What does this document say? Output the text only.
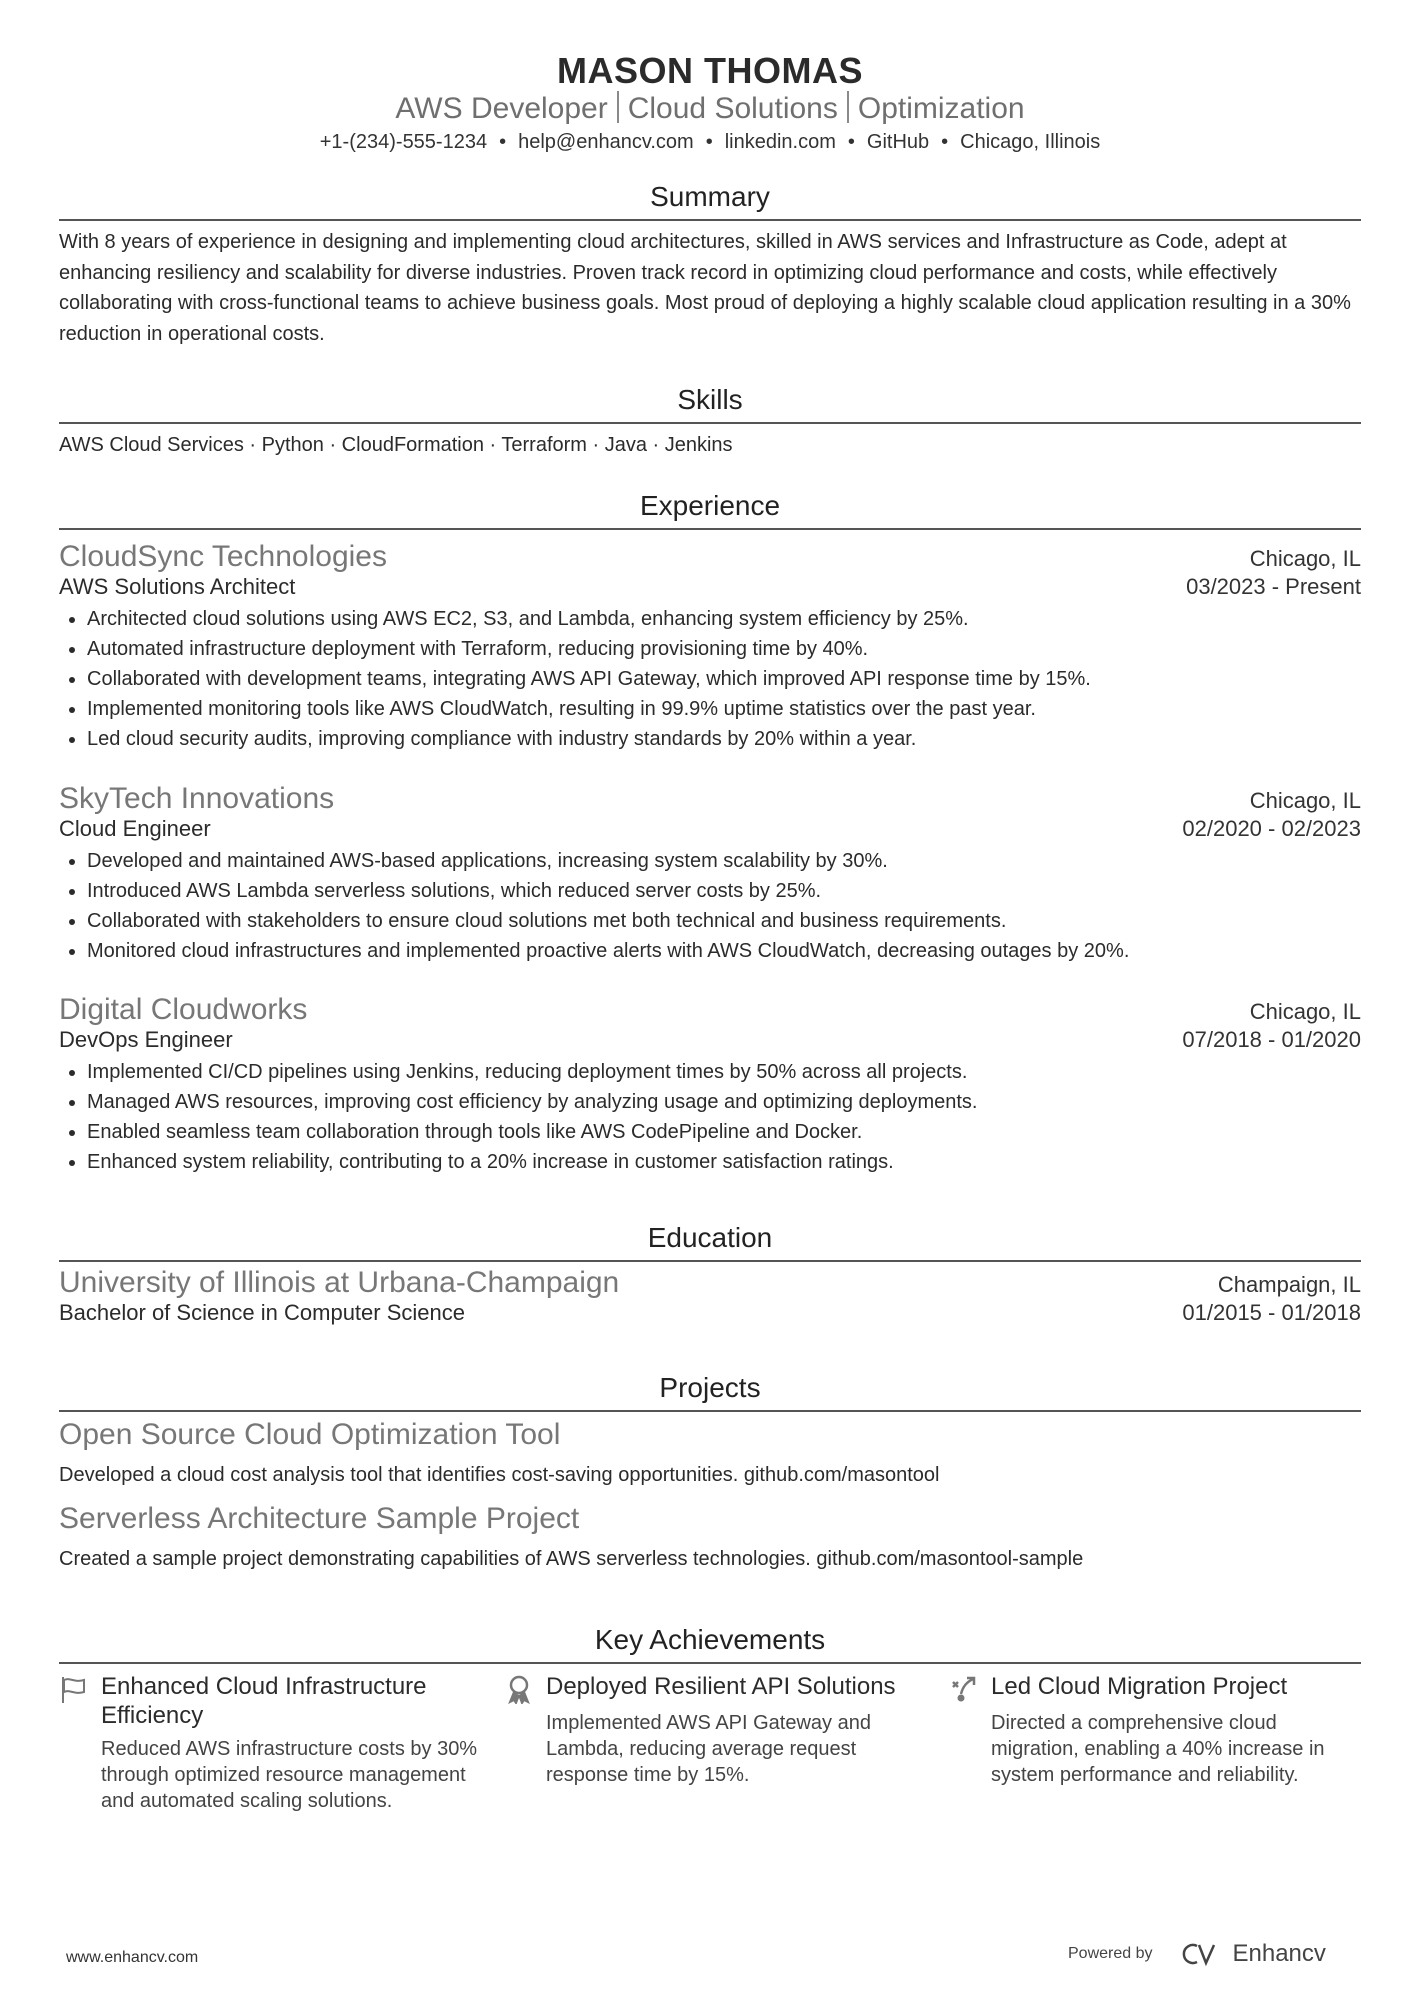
MASON THOMAS
AWS Developer Cloud Solutions Optimization
+1-(234)-555-1234 • help@enhancv.com • linkedin.com • GitHub • Chicago, Illinois
Summary
With 8 years of experience in designing and implementing cloud architectures, skilled in AWS services and Infrastructure as Code, adept at enhancing resiliency and scalability for diverse industries. Proven track record in optimizing cloud performance and costs, while effectively collaborating with cross-functional teams to achieve business goals. Most proud of deploying a highly scalable cloud application resulting in a 30% reduction in operational costs.
Skills
AWS Cloud Services · Python · CloudFormation · Terraform · Java · Jenkins
Experience
CloudSync Technologies	Chicago, IL
AWS Solutions Architect	03/2023 - Present
• Architected cloud solutions using AWS EC2, S3, and Lambda, enhancing system efficiency by 25%.
• Automated infrastructure deployment with Terraform, reducing provisioning time by 40%.
• Collaborated with development teams, integrating AWS API Gateway, which improved API response time by 15%.
• Implemented monitoring tools like AWS CloudWatch, resulting in 99.9% uptime statistics over the past year.
• Led cloud security audits, improving compliance with industry standards by 20% within a year.
SkyTech Innovations	Chicago, IL
Cloud Engineer	02/2020 - 02/2023
• Developed and maintained AWS-based applications, increasing system scalability by 30%.
• Introduced AWS Lambda serverless solutions, which reduced server costs by 25%.
• Collaborated with stakeholders to ensure cloud solutions met both technical and business requirements.
• Monitored cloud infrastructures and implemented proactive alerts with AWS CloudWatch, decreasing outages by 20%.
Digital Cloudworks	Chicago, IL
DevOps Engineer	07/2018 - 01/2020
• Implemented CI/CD pipelines using Jenkins, reducing deployment times by 50% across all projects.
• Managed AWS resources, improving cost efficiency by analyzing usage and optimizing deployments.
• Enabled seamless team collaboration through tools like AWS CodePipeline and Docker.
• Enhanced system reliability, contributing to a 20% increase in customer satisfaction ratings.
Education
University of Illinois at Urbana-Champaign	Champaign, IL
Bachelor of Science in Computer Science	01/2015 - 01/2018
Projects
Open Source Cloud Optimization Tool
Developed a cloud cost analysis tool that identifies cost-saving opportunities. github.com/masontool
Serverless Architecture Sample Project
Created a sample project demonstrating capabilities of AWS serverless technologies. github.com/masontool-sample
Key Achievements
Enhanced Cloud Infrastructure Efficiency
Reduced AWS infrastructure costs by 30% through optimized resource management and automated scaling solutions.
Deployed Resilient API Solutions
Implemented AWS API Gateway and Lambda, reducing average request response time by 15%.
Led Cloud Migration Project
Directed a comprehensive cloud migration, enabling a 40% increase in system performance and reliability.
www.enhancv.com	Powered by	Enhancv
